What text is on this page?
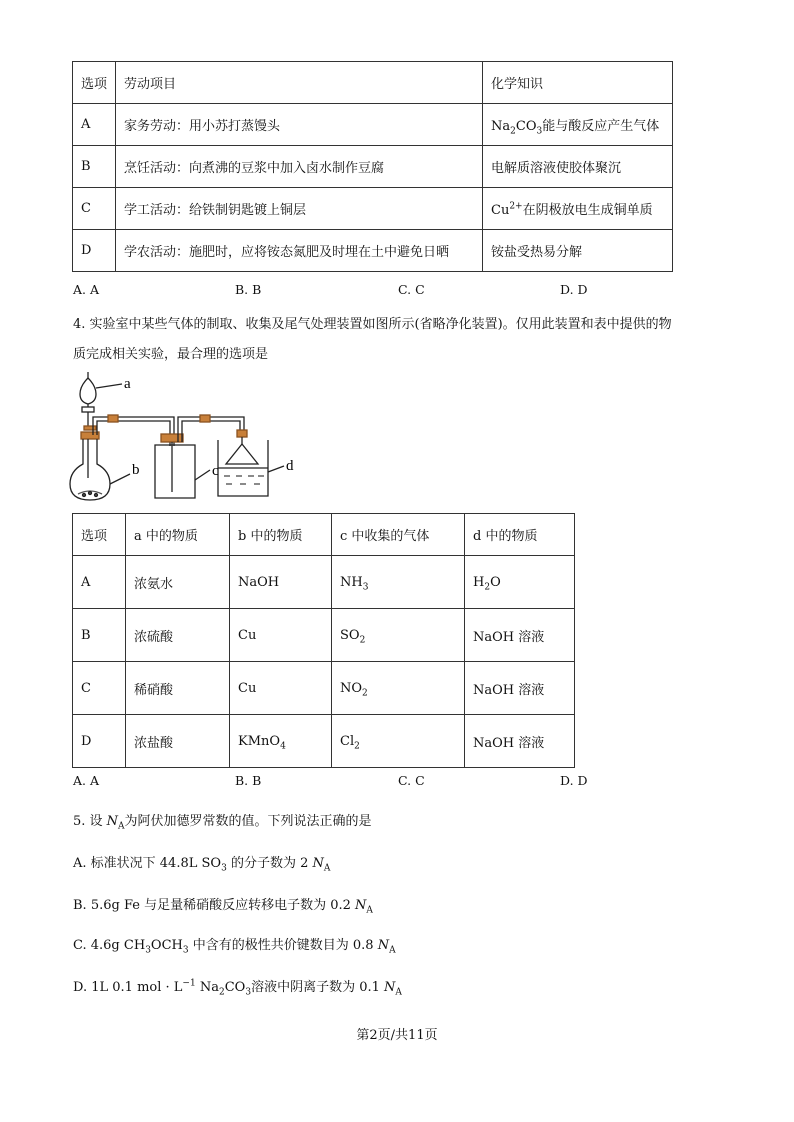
选项	劳动项目	化学知识
A	家务劳动：用小苏打蒸馒头	$Na_2CO_3$能与酸反应产生气体
B	烹饪活动：向煮沸的豆浆中加入卤水制作豆腐	电解质溶液使胶体聚沉
C	学工活动：给铁制钥匙镀上铜层	$Cu^{2+}$在阴极放电生成铜单质
D	学农活动：施肥时，应将铵态氮肥及时埋在土中避免日晒	铵盐受热易分解
A. A	B. B	C. C	D. D
4. 实验室中某些气体的制取、收集及尾气处理装置如图所示(省略净化装置)。仅用此装置和表中提供的物
质完成相关实验，最合理的选项是
a
b	c	d
选项	a 中的物质	b 中的物质	c 中收集的气体	d 中的物质
A	浓氨水	NaOH	$NH_3$	$H_2O$
B	浓硫酸	Cu	$SO_2$	NaOH 溶液
C	稀硝酸	Cu	$NO_2$	NaOH 溶液
D	浓盐酸	KMnO$_4$	$Cl_2$	NaOH 溶液
A. A	B. B	C. C	D. D
5. 设 $N_A$为阿伏加德罗常数的值。下列说法正确的是
A. 标准状况下 44.8L $SO_3$ 的分子数为 2 $N_A$
B. 5.6g Fe 与足量稀硝酸反应转移电子数为 0.2 $N_A$
C. 4.6g $CH_3OCH_3$ 中含有的极性共价键数目为 0.8 $N_A$
D. 1L 0.1 mol · $L^{-1}$ $Na_2CO_3$溶液中阴离子数为 0.1 $N_A$
第2页/共11页
